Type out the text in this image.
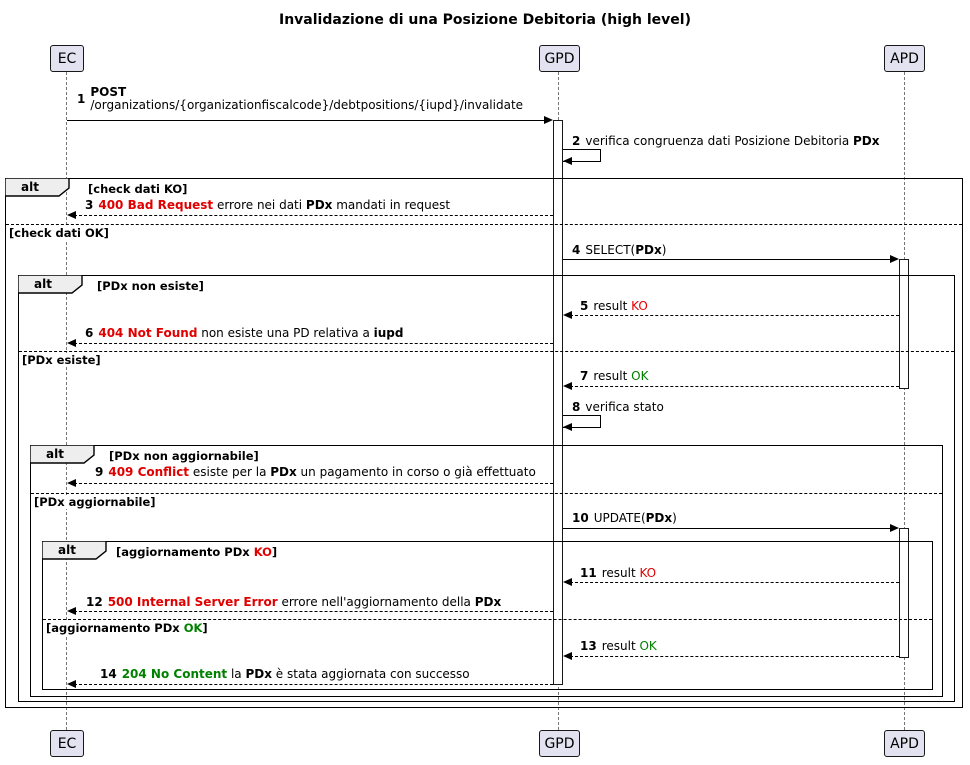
Invalidazione di una Posizione Debitoria (high level)
alt	[check dati KO]
[check dati OK]
alt	[PDx non esiste]
[PDx esiste]
alt	[PDx non aggiornabile]
[PDx aggiornabile]
alt	[aggiornamento PDx KO]
[aggiornamento PDx OK]
1 POST
/organizations/{organizationfiscalcode}/debtpositions/{iupd}/invalidate
2 verifica congruenza dati Posizione Debitoria PDx
3 400 Bad Request errore nei dati PDx mandati in request
4 SELECT(PDx)
5 result KO
6 404 Not Found non esiste una PD relativa a iupd
7 result OK
8 verifica stato
9 409 Conflict esiste per la PDx un pagamento in corso o già effettuato
10 UPDATE(PDx)
11 result KO
12 500 Internal Server Error errore nell'aggiornamento della PDx
13 result OK
14 204 No Content la PDx è stata aggiornata con successo
EC	GPD	APD
EC	GPD	APD
